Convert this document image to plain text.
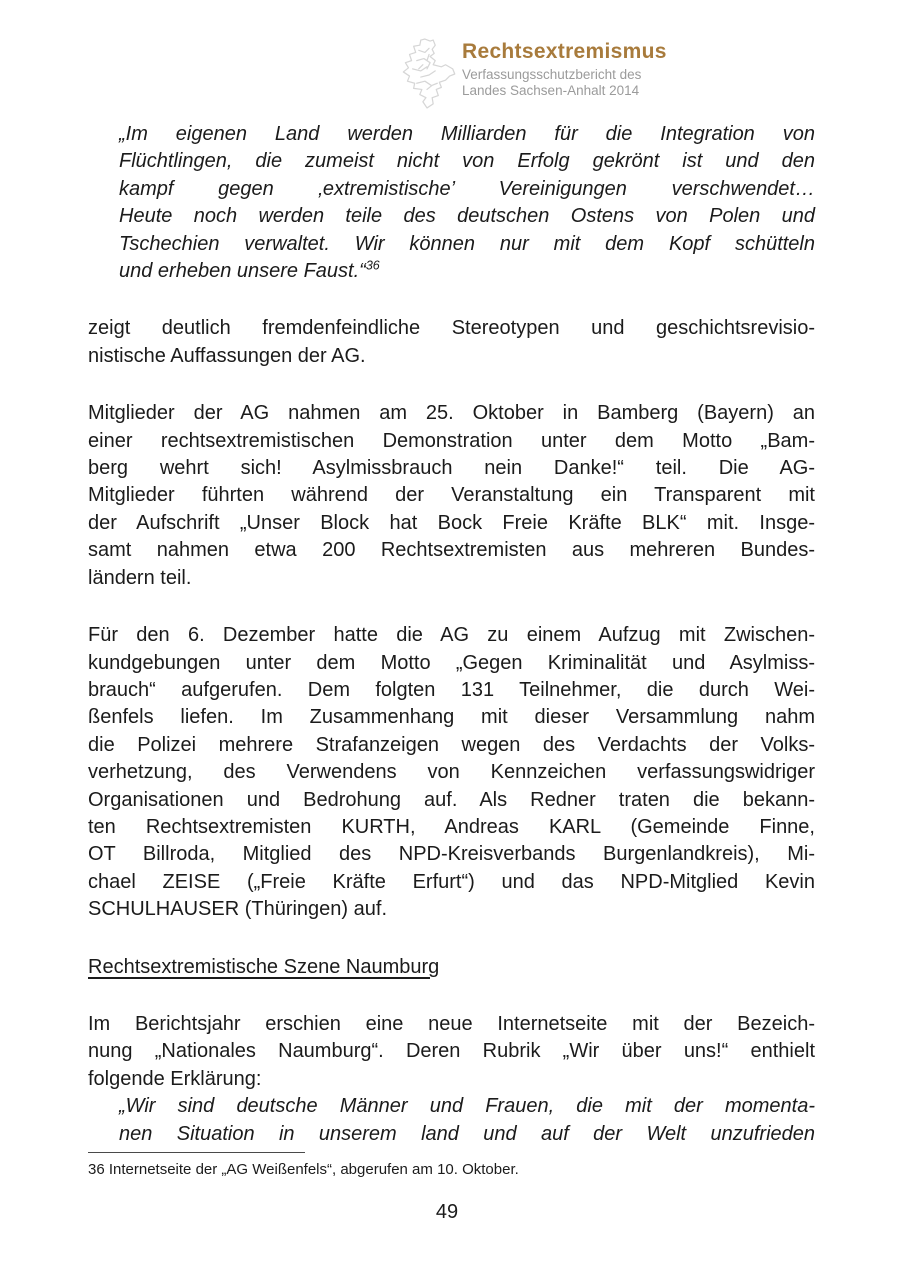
Rechtsextremismus
Verfassungsschutzbericht des
Landes Sachsen-Anhalt 2014
„Im eigenen Land werden Milliarden für die Integration von
Flüchtlingen, die zumeist nicht von Erfolg gekrönt ist und den
kampf gegen ‚extremistische’ Vereinigungen verschwendet…
Heute noch werden teile des deutschen Ostens von Polen und
Tschechien verwaltet. Wir können nur mit dem Kopf schütteln
und erheben unsere Faust.“$^{36}$
zeigt deutlich fremdenfeindliche Stereotypen und geschichtsrevisio-
nistische Auffassungen der AG.
Mitglieder der AG nahmen am 25. Oktober in Bamberg (Bayern) an
einer rechtsextremistischen Demonstration unter dem Motto „Bam-
berg wehrt sich! Asylmissbrauch nein Danke!“ teil. Die AG-
Mitglieder führten während der Veranstaltung ein Transparent mit
der Aufschrift „Unser Block hat Bock Freie Kräfte BLK“ mit. Insge-
samt nahmen etwa 200 Rechtsextremisten aus mehreren Bundes-
ländern teil.
Für den 6. Dezember hatte die AG zu einem Aufzug mit Zwischen-
kundgebungen unter dem Motto „Gegen Kriminalität und Asylmiss-
brauch“ aufgerufen. Dem folgten 131 Teilnehmer, die durch Wei-
ßenfels liefen. Im Zusammenhang mit dieser Versammlung nahm
die Polizei mehrere Strafanzeigen wegen des Verdachts der Volks-
verhetzung, des Verwendens von Kennzeichen verfassungswidriger
Organisationen und Bedrohung auf. Als Redner traten die bekann-
ten Rechtsextremisten KURTH, Andreas KARL (Gemeinde Finne,
OT Billroda, Mitglied des NPD-Kreisverbands Burgenlandkreis), Mi-
chael ZEISE („Freie Kräfte Erfurt“) und das NPD-Mitglied Kevin
SCHULHAUSER (Thüringen) auf.
Rechtsextremistische Szene Naumburg
Im Berichtsjahr erschien eine neue Internetseite mit der Bezeich-
nung „Nationales Naumburg“. Deren Rubrik „Wir über uns!“ enthielt
folgende Erklärung:
„Wir sind deutsche Männer und Frauen, die mit der momenta-
nen Situation in unserem land und auf der Welt unzufrieden
36 Internetseite der „AG Weißenfels“, abgerufen am 10. Oktober.
49
